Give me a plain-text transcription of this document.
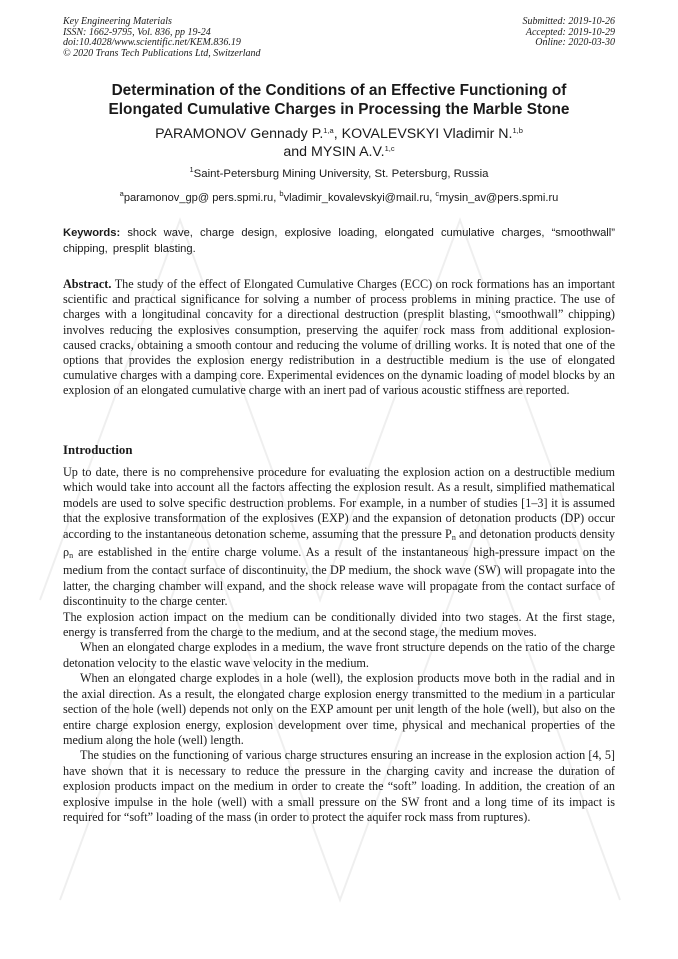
Key Engineering Materials
ISSN: 1662-9795, Vol. 836, pp 19-24
doi:10.4028/www.scientific.net/KEM.836.19
© 2020 Trans Tech Publications Ltd, Switzerland
Submitted: 2019-10-26
Accepted: 2019-10-29
Online: 2020-03-30
Determination of the Conditions of an Effective Functioning of
Elongated Cumulative Charges in Processing the Marble Stone
PARAMONOV Gennady P.$^{1,a}$, KOVALEVSKYI Vladimir N.$^{1,b}$
and MYSIN A.V.$^{1,c}$
$^1$Saint-Petersburg Mining University, St. Petersburg, Russia
$^a$paramonov_gp@ pers.spmi.ru, $^b$vladimir_kovalevskyi@mail.ru, $^c$mysin_av@pers.spmi.ru
Keywords: shock wave, charge design, explosive loading, elongated cumulative charges, “smoothwall” chipping, presplit blasting.
Abstract. The study of the effect of Elongated Cumulative Charges (ECC) on rock formations has an important scientific and practical significance for solving a number of process problems in mining practice. The use of charges with a longitudinal concavity for a directional destruction (presplit blasting, “smoothwall” chipping) involves reducing the explosives consumption, preserving the aquifer rock mass from additional explosion-caused cracks, obtaining a smooth contour and reducing the volume of drilling works. It is noted that one of the options that provides the explosion energy redistribution in a destructible medium is the use of elongated cumulative charges with a damping core. Experimental evidences on the dynamic loading of model blocks by an explosion of an elongated cumulative charge with an inert pad of various acoustic stiffness are reported.
Introduction

Up to date, there is no comprehensive procedure for evaluating the explosion action on a destructible medium which would take into account all the factors affecting the explosion result. As a result, simplified mathematical models are used to solve specific destruction problems. For example, in a number of studies [1–3] it is assumed that the explosive transformation of the explosives (EXP) and the expansion of detonation products (DP) occur according to the instantaneous detonation scheme, assuming that the pressure $P_n$ and detonation products density $\rho_n$ are established in the entire charge volume. As a result of the instantaneous high-pressure impact on the medium from the contact surface of discontinuity, the DP medium, the shock wave (SW) will propagate into the latter, the charging chamber will expand, and the shock release wave will propagate from the contact surface of discontinuity to the charge center.

The explosion action impact on the medium can be conditionally divided into two stages. At the first stage, energy is transferred from the charge to the medium, and at the second stage, the medium moves.

When an elongated charge explodes in a medium, the wave front structure depends on the ratio of the charge detonation velocity to the elastic wave velocity in the medium.

When an elongated charge explodes in a hole (well), the explosion products move both in the radial and in the axial direction. As a result, the elongated charge explosion energy transmitted to the medium in a particular section of the hole (well) depends not only on the EXP amount per unit length of the hole (well), but also on the entire charge explosion energy, explosion development over time, physical and mechanical properties of the medium along the hole (well) length.

The studies on the functioning of various charge structures ensuring an increase in the explosion action [4, 5] have shown that it is necessary to reduce the pressure in the charging cavity and increase the duration of explosion products impact on the medium in order to create the “soft” loading. In addition, the creation of an explosive impulse in the hole (well) with a small pressure on the SW front and a long time of its impact is required for “soft” loading of the mass (in order to protect the aquifer rock mass from ruptures).
